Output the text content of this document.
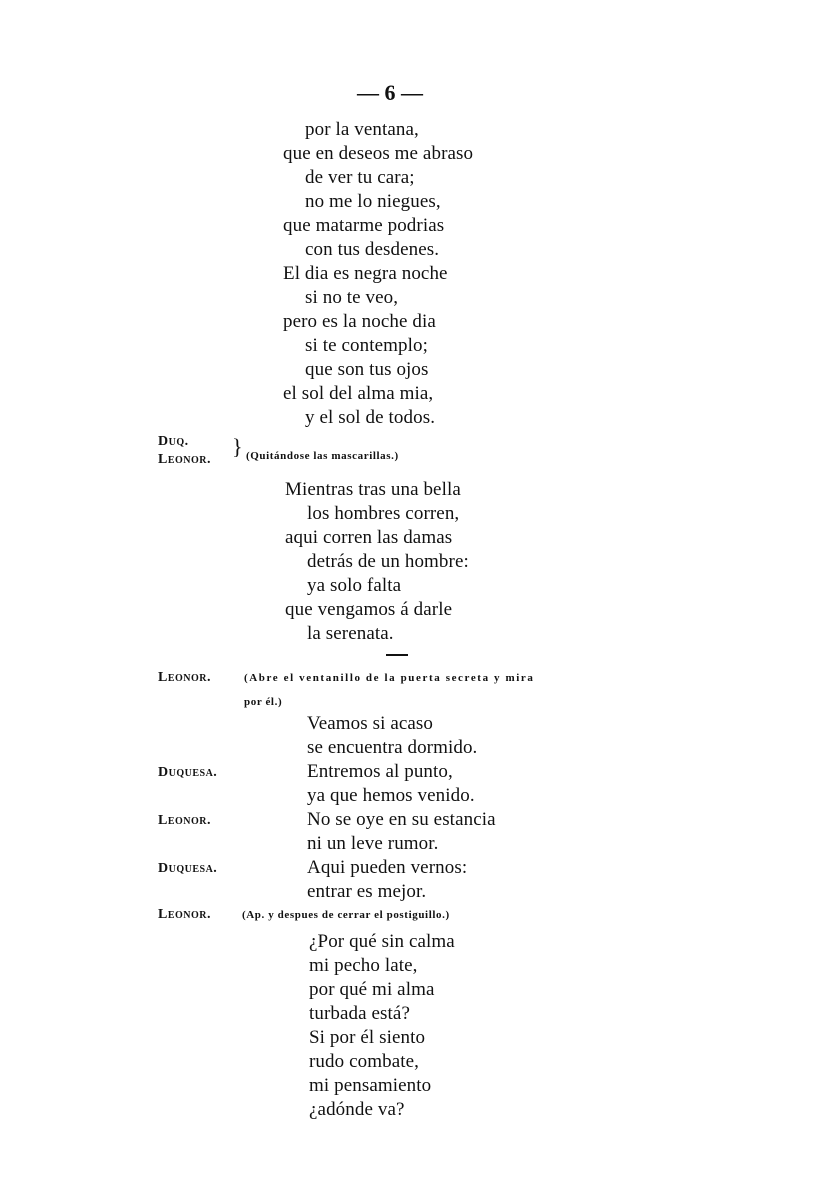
— 6 —
por la ventana,
que en deseos me abraso
de ver tu cara;
no me lo niegues,
que matarme podrias
con tus desdenes.
El dia es negra noche
si no te veo,
pero es la noche dia
si te contemplo;
que son tus ojos
el sol del alma mia,
y el sol de todos.
Duq.
Leonor.
} (Quitándose las mascarillas.)
Mientras tras una bella
los hombres corren,
aqui corren las damas
detrás de un hombre:
ya solo falta
que vengamos á darle
la serenata.
Leonor.	(Abre el ventanillo de la puerta secreta y mira
por él.)
Veamos si acaso
se encuentra dormido.
Duquesa.	Entremos al punto,
ya que hemos venido.
Leonor.	No se oye en su estancia
ni un leve rumor.
Duquesa.	Aqui pueden vernos:
entrar es mejor.
Leonor.	(Ap. y despues de cerrar el postiguillo.)
¿Por qué sin calma
mi pecho late,
por qué mi alma
turbada está?
Si por él siento
rudo combate,
mi pensamiento
¿adónde va?
